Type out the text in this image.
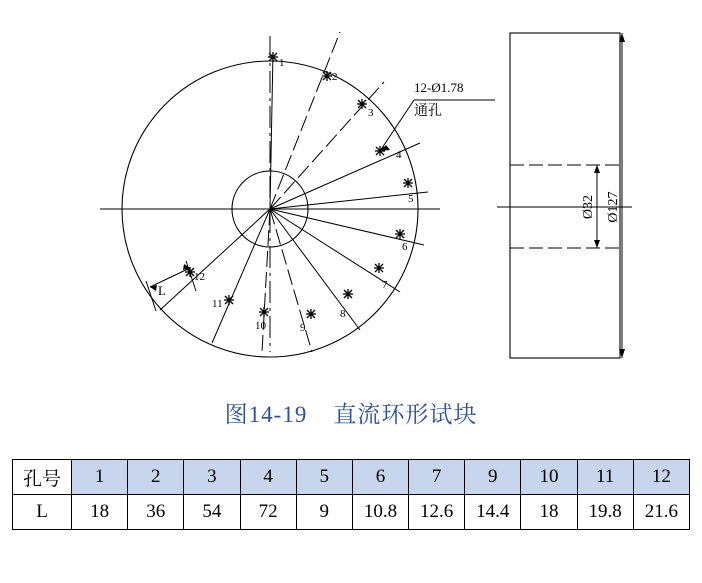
1
2
3
4
5
6
7
8
9
10
11
12
L
12-Ø1.78
通孔
Ø32 Ø127
图14-19 直流环形试块
孔号	1	2	3	4	5	6	7	9	10	11	12
L	18	36	54	72	9	10.8	12.6	14.4	18	19.8	21.6
